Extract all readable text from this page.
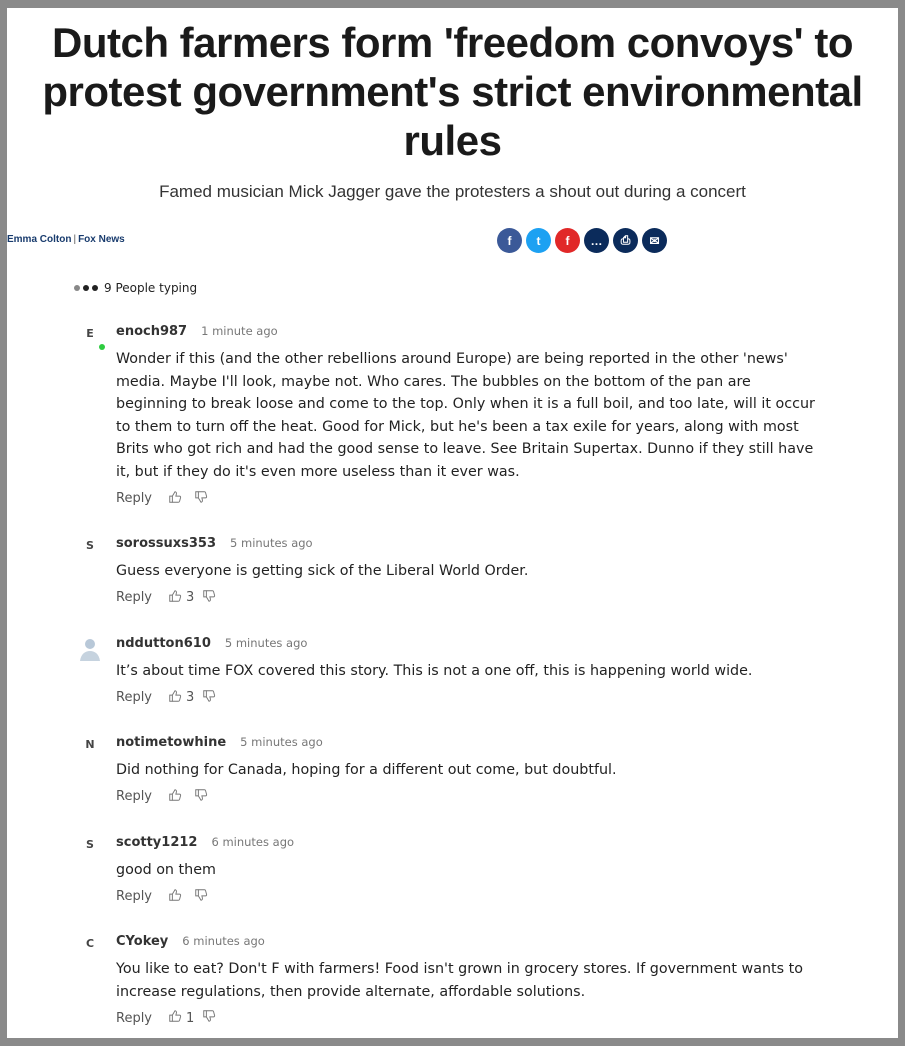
Dutch farmers form 'freedom convoys' to protest government's strict environmental rules

Famed musician Mick Jagger gave the protesters a shout out during a concert

Emma Colton | Fox News	f	t	f	…	⎙	✉
9 People typing
E	enoch987 1 minute ago
Wonder if this (and the other rebellions around Europe) are being reported in the other 'news' media. Maybe I'll look, maybe not. Who cares. The bubbles on the bottom of the pan are beginning to break loose and come to the top. Only when it is a full boil, and too late, will it occur to them to turn off the heat. Good for Mick, but he's been a tax exile for years, along with most Brits who got rich and had the good sense to leave. See Britain Supertax. Dunno if they still have it, but if they do it's even more useless than it ever was.
Reply
S	sorossuxs353 5 minutes ago
Guess everyone is getting sick of the Liberal World Order.
Reply	3
nddutton610 5 minutes ago
It’s about time FOX covered this story. This is not a one off, this is happening world wide.
Reply	3
N	notimetowhine 5 minutes ago
Did nothing for Canada, hoping for a different out come, but doubtful.
Reply
S	scotty1212 6 minutes ago
good on them
Reply
C	CYokey 6 minutes ago
You like to eat? Don't F with farmers! Food isn't grown in grocery stores. If government wants to increase regulations, then provide alternate, affordable solutions.
Reply	1
